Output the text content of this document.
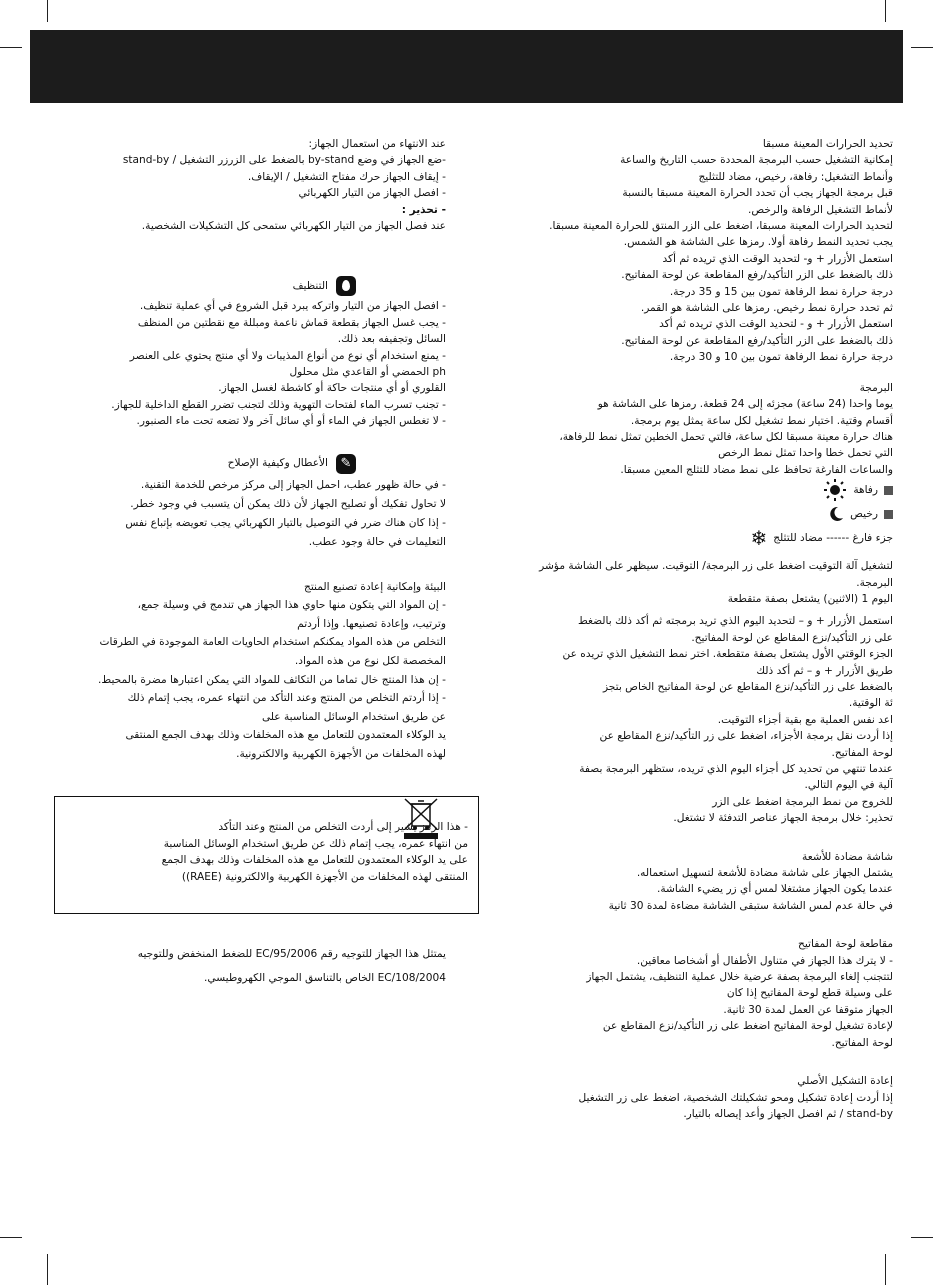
تحديد الحرارات المعينة مسبقا

إمكانية التشغيل حسب البرمجة المحددة حسب التاريخ والساعة

وأنماط التشغيل: رفاهة، رخيص، مضاد للتثليج

قبل برمجة الجهاز يجب أن تحدد الحرارة المعينة مسبقا بالنسبة

لأنماط التشغيل الرفاهة والرخص.

لتحديد الحرارات المعينة مسبقا، اضغط على الزر المنتق للحرارة المعينة مسبقا.

يجب تحديد النمط رفاهة أولا. رمزها على الشاشة هو الشمس.

استعمل الأزرار + و- لتحديد الوقت الذي تريده ثم أكد

ذلك بالضغط على الزر التأكيد/رفع المقاطعة عن لوحة المفاتيح.

درجة حرارة نمط الرفاهة تمون بين 15 و 35 درجة.

ثم تحدد حرارة نمط رخيص. رمزها على الشاشة هو القمر.

استعمل الأزرار + و - لتحديد الوقت الذي تريده ثم أكد

ذلك بالضغط على الزر التأكيد/رفع المقاطعة عن لوحة المفاتيح.

درجة حرارة نمط الرفاهة تمون بين 10 و 30 درجة.

البرمجة

يوما واحدا (24 ساعة) مجزئه إلى 24 قطعة. رمزها على الشاشة هو

أقسام وقتية. اختيار نمط تشغيل لكل ساعة يمثل يوم برمجة.

هناك حرارة معينة مسبقا لكل ساعة، فالتي تحمل الخطين تمثل نمط للرفاهة،

التي تحمل خطا واحدا تمثل نمط الرخص

والساعات الفارغة تحافظ على نمط مضاد للتثلج المعين مسبقا.

رفاهة
رخيص
جزء فارغ ------ مضاد للتثلج
❄

لتشغيل آلة التوقيت اضغط على زر البرمجة/ التوقيت. سيظهر على الشاشة مؤشر

البرمجة.

اليوم 1 (الاثنين) يشتعل بصفة متقطعة

استعمل الأزرار + و – لتحديد اليوم الذي تريد برمجته ثم أكد ذلك بالضغط

على زر التأكيد/نزع المقاطع عن لوحة المفاتيح.

الجزء الوقتي الأول يشتعل بصفة متقطعة. اختر نمط التشغيل الذي تريده عن

طريق الأزرار + و – ثم أكد ذلك

بالضغط على زر التأكيد/نزع المقاطع عن لوحة المفاتيح الخاص بتجز

ئة الوقتية.

اعد نفس العملية مع بقية أجزاء التوقيت.

إذا أردت نقل برمجة الأجزاء، اضغط على زر التأكيد/نزع المقاطع عن

لوحة المفاتيح.

عندما تنتهي من تحديد كل أجزاء اليوم الذي تريده، ستظهر البرمجة بصفة

آلية في اليوم التالي.

للخروج من نمط البرمجة اضغط على الزر

تحذير: خلال برمجة الجهاز عناصر التدفئة لا تشتغل.

شاشة مضادة للأشعة

يشتمل الجهاز على شاشة مضادة للأشعة لتسهيل استعماله.

عندما يكون الجهاز مشتغلا لمس أي زر يضيء الشاشة.

في حالة عدم لمس الشاشة ستبقى الشاشة مضاءة لمدة 30 ثانية

مقاطعة لوحة المفاتيح

- لا يترك هذا الجهاز في متناول الأطفال أو أشخاصا معاقين.

لتتجنب إلغاء البرمجة بصفة عرضية خلال عملية التنظيف، يشتمل الجهاز

على وسيلة قطع لوحة المفاتيح إذا كان

الجهاز متوقفا عن العمل لمدة 30 ثانية.

لإعادة تشغيل لوحة المفاتيح اضغط على زر التأكيد/نزع المقاطع عن

لوحة المفاتيح.

إعادة التشكيل الأصلي

إذا أردت إعادة تشكيل ومحو تشكيلتك الشخصية، اضغط على زر التشغيل

stand-by / ثم افصل الجهاز وأعد إيصاله بالتيار.

عند الانتهاء من استعمال الجهاز:

-ضع الجهاز في وضع by-stand بالضغط على الزرزر التشغيل / stand-by

- إيقاف الجهاز حرك مفتاح التشغيل / الإيقاف.

- افصل الجهاز من التيار الكهربائي

- تحذير :

عند فصل الجهاز من التيار الكهربائي ستمحى كل التشكيلات الشخصية.

التنظيف

- افصل الجهاز من التيار واتركه يبرد قبل الشروع في أي عملية تنظيف.

- يجب غسل الجهاز بقطعة قماش ناعمة ومبللة مع نقطتين من المنظف

السائل وتجفيفه بعد ذلك.

- يمنع استخدام أي نوع من أنواع المذيبات ولا أي منتج يحتوي على العنصر

ph الحمضي أو القاعدي مثل محلول

القلوري أو أي منتجات حاكة أو كاشطة لغسل الجهاز.

- تجنب تسرب الماء لفتحات التهوية وذلك لتجنب تضرر القطع الداخلية للجهاز.

- لا تغطس الجهاز في الماء أو أي سائل آخر ولا تضعه تحت ماء الصنبور.

✎
الأعطال وكيفية الإصلاح

- في حالة ظهور عطب، احمل الجهاز إلى مركز مرخص للخدمة التقنية.

لا تحاول تفكيك أو تصليح الجهاز لأن ذلك يمكن أن يتسبب في وجود خطر.

- إذا كان هناك ضرر في التوصيل بالتيار الكهربائي يجب تعويضه بإتباع نفس

التعليمات في حالة وجود عطب.

البيئة وإمكانية إعادة تصنيع المنتج

- إن المواد التي يتكون منها حاوي هذا الجهاز هي تندمج في وسيلة جمع،

وترتيب، وإعادة تصنيعها. وإذا أردتم

التخلص من هذه المواد يمكنكم استخدام الحاويات العامة الموجودة في الطرقات

المخصصة لكل نوع من هذه المواد.

- إن هذا المنتج خال تماما من التكاثف للمواد التي يمكن اعتبارها مضرة بالمحيط.

- إذا أردتم التخلص من المنتج وعند التأكد من انتهاء عمره، يجب إتمام ذلك

عن طريق استخدام الوسائل المناسبة على

يد الوكلاء المعتمدون للتعامل مع هذه المخلفات وذلك بهدف الجمع المنتقى

لهذه المخلفات من الأجهزة الكهربية والالكترونية.

- هذا الرمز يشير إلى أردت التخلص من المنتج وعند التأكد

من انتهاء عمره، يجب إتمام ذلك عن طريق استخدام الوسائل المناسبة

على يد الوكلاء المعتمدون للتعامل مع هذه المخلفات وذلك بهدف الجمع

المنتقى لهذه المخلفات من الأجهزة الكهربية والالكترونية (RAEE))

يمتثل هذا الجهاز للتوجيه رقم EC/95/2006 للضغط المنخفض وللتوجيه

EC/108/2004 الخاص بالتناسق الموجي الكهروطيسي.
